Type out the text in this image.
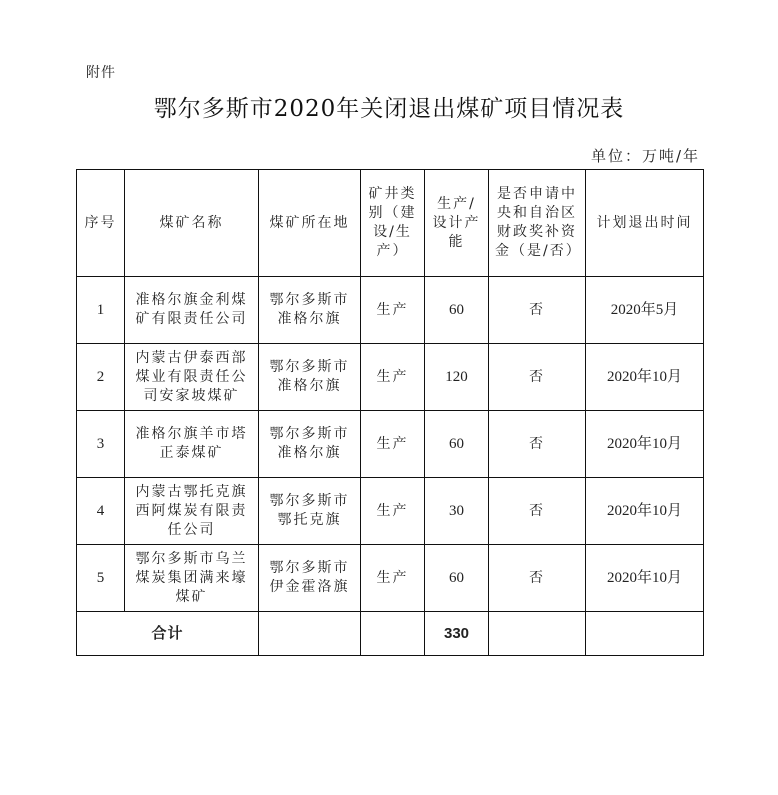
附件
鄂尔多斯市2020年关闭退出煤矿项目情况表
单位：万吨/年
序号	煤矿名称	煤矿所在地	矿井类别（建设/生产）	生产/设计产能	是否申请中央和自治区财政奖补资金（是/否）	计划退出时间
1	准格尔旗金利煤矿有限责任公司	鄂尔多斯市准格尔旗	生产	60	否	2020年5月
2	内蒙古伊泰西部煤业有限责任公司安家坡煤矿	鄂尔多斯市准格尔旗	生产	120	否	2020年10月
3	准格尔旗羊市塔正泰煤矿	鄂尔多斯市准格尔旗	生产	60	否	2020年10月
4	内蒙古鄂托克旗西阿煤炭有限责任公司	鄂尔多斯市鄂托克旗	生产	30	否	2020年10月
5	鄂尔多斯市乌兰煤炭集团满来壕煤矿	鄂尔多斯市伊金霍洛旗	生产	60	否	2020年10月
合计				330		
